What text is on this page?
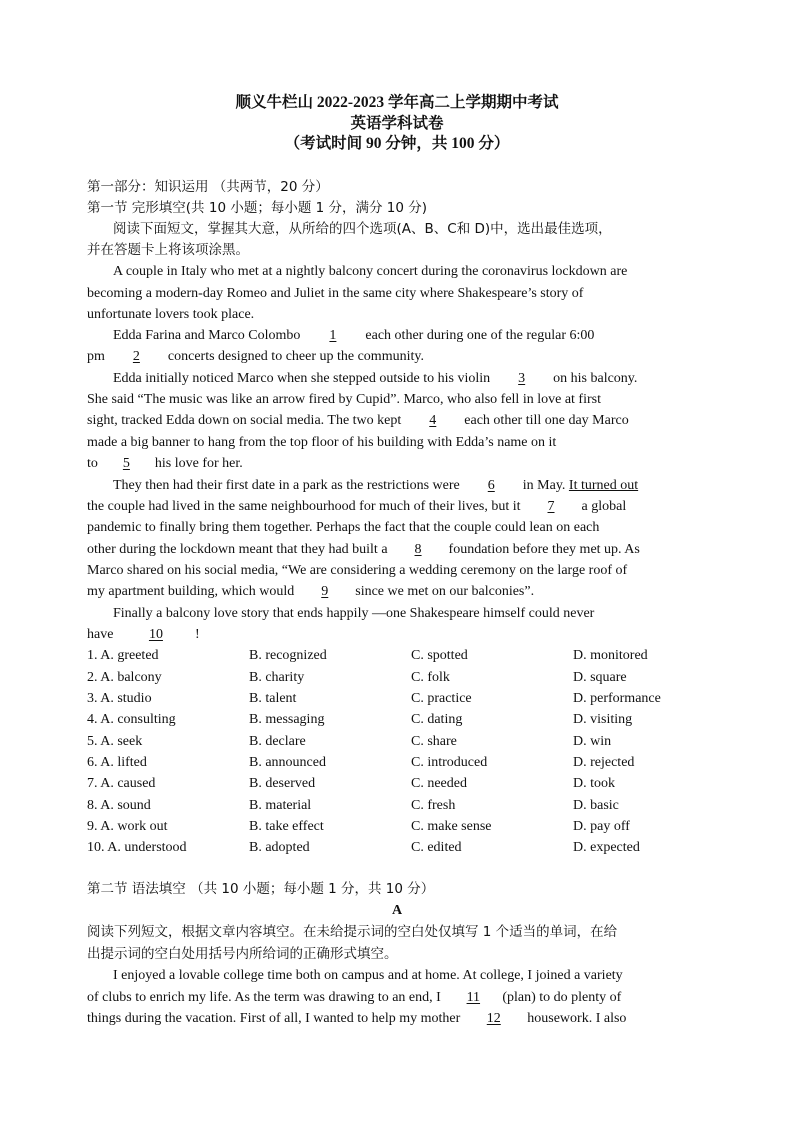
顺义牛栏山 2022-2023 学年高二上学期期中考试
英语学科试卷
（考试时间 90 分钟，共 100 分）
第一部分：知识运用 （共两节，20 分）
第一节 完形填空(共 10 小题；每小题 1 分，满分 10 分)
阅读下面短文，掌握其大意，从所给的四个选项(A、B、C和 D)中，选出最佳选项，
并在答题卡上将该项涂黑。
A couple in Italy who met at a nightly balcony concert during the coronavirus lockdown are
becoming a modern-day Romeo and Juliet in the same city where Shakespeare’s story of
unfortunate lovers took place.
Edda Farina and Marco Colombo 1 each other during one of the regular 6:00
pm 2 concerts designed to cheer up the community.
Edda initially noticed Marco when she stepped outside to his violin 3 on his balcony.
She said “The music was like an arrow fired by Cupid”. Marco, who also fell in love at first
sight, tracked Edda down on social media. The two kept 4 each other till one day Marco
made a big banner to hang from the top floor of his building with Edda’s name on it
to 5 his love for her.
They then had their first date in a park as the restrictions were 6 in May. It turned out
the couple had lived in the same neighbourhood for much of their lives, but it 7 a global
pandemic to finally bring them together. Perhaps the fact that the couple could lean on each
other during the lockdown meant that they had built a 8 foundation before they met up. As
Marco shared on his social media, “We are considering a wedding ceremony on the large roof of
my apartment building, which would 9 since we met on our balconies”.
Finally a balcony love story that ends happily —one Shakespeare himself could never
have	10 !
1. A. greeted	B. recognized	C. spotted	D. monitored
2. A. balcony	B. charity	C. folk	D. square
3. A. studio	B. talent	C. practice	D. performance
4. A. consulting	B. messaging	C. dating	D. visiting
5. A. seek	B. declare	C. share	D. win
6. A. lifted	B. announced	C. introduced	D. rejected
7. A. caused	B. deserved	C. needed	D. took
8. A. sound	B. material	C. fresh	D. basic
9. A. work out	B. take effect	C. make sense	D. pay off
10. A. understood	B. adopted	C. edited	D. expected
第二节 语法填空 （共 10 小题；每小题 1 分，共 10 分）
A
阅读下列短文，根据文章内容填空。在未给提示词的空白处仅填写 1 个适当的单词，在给
出提示词的空白处用括号内所给词的正确形式填空。
I enjoyed a lovable college time both on campus and at home. At college, I joined a variety
of clubs to enrich my life. As the term was drawing to an end, I 11 (plan) to do plenty of
things during the vacation. First of all, I wanted to help my mother 12 housework. I also
